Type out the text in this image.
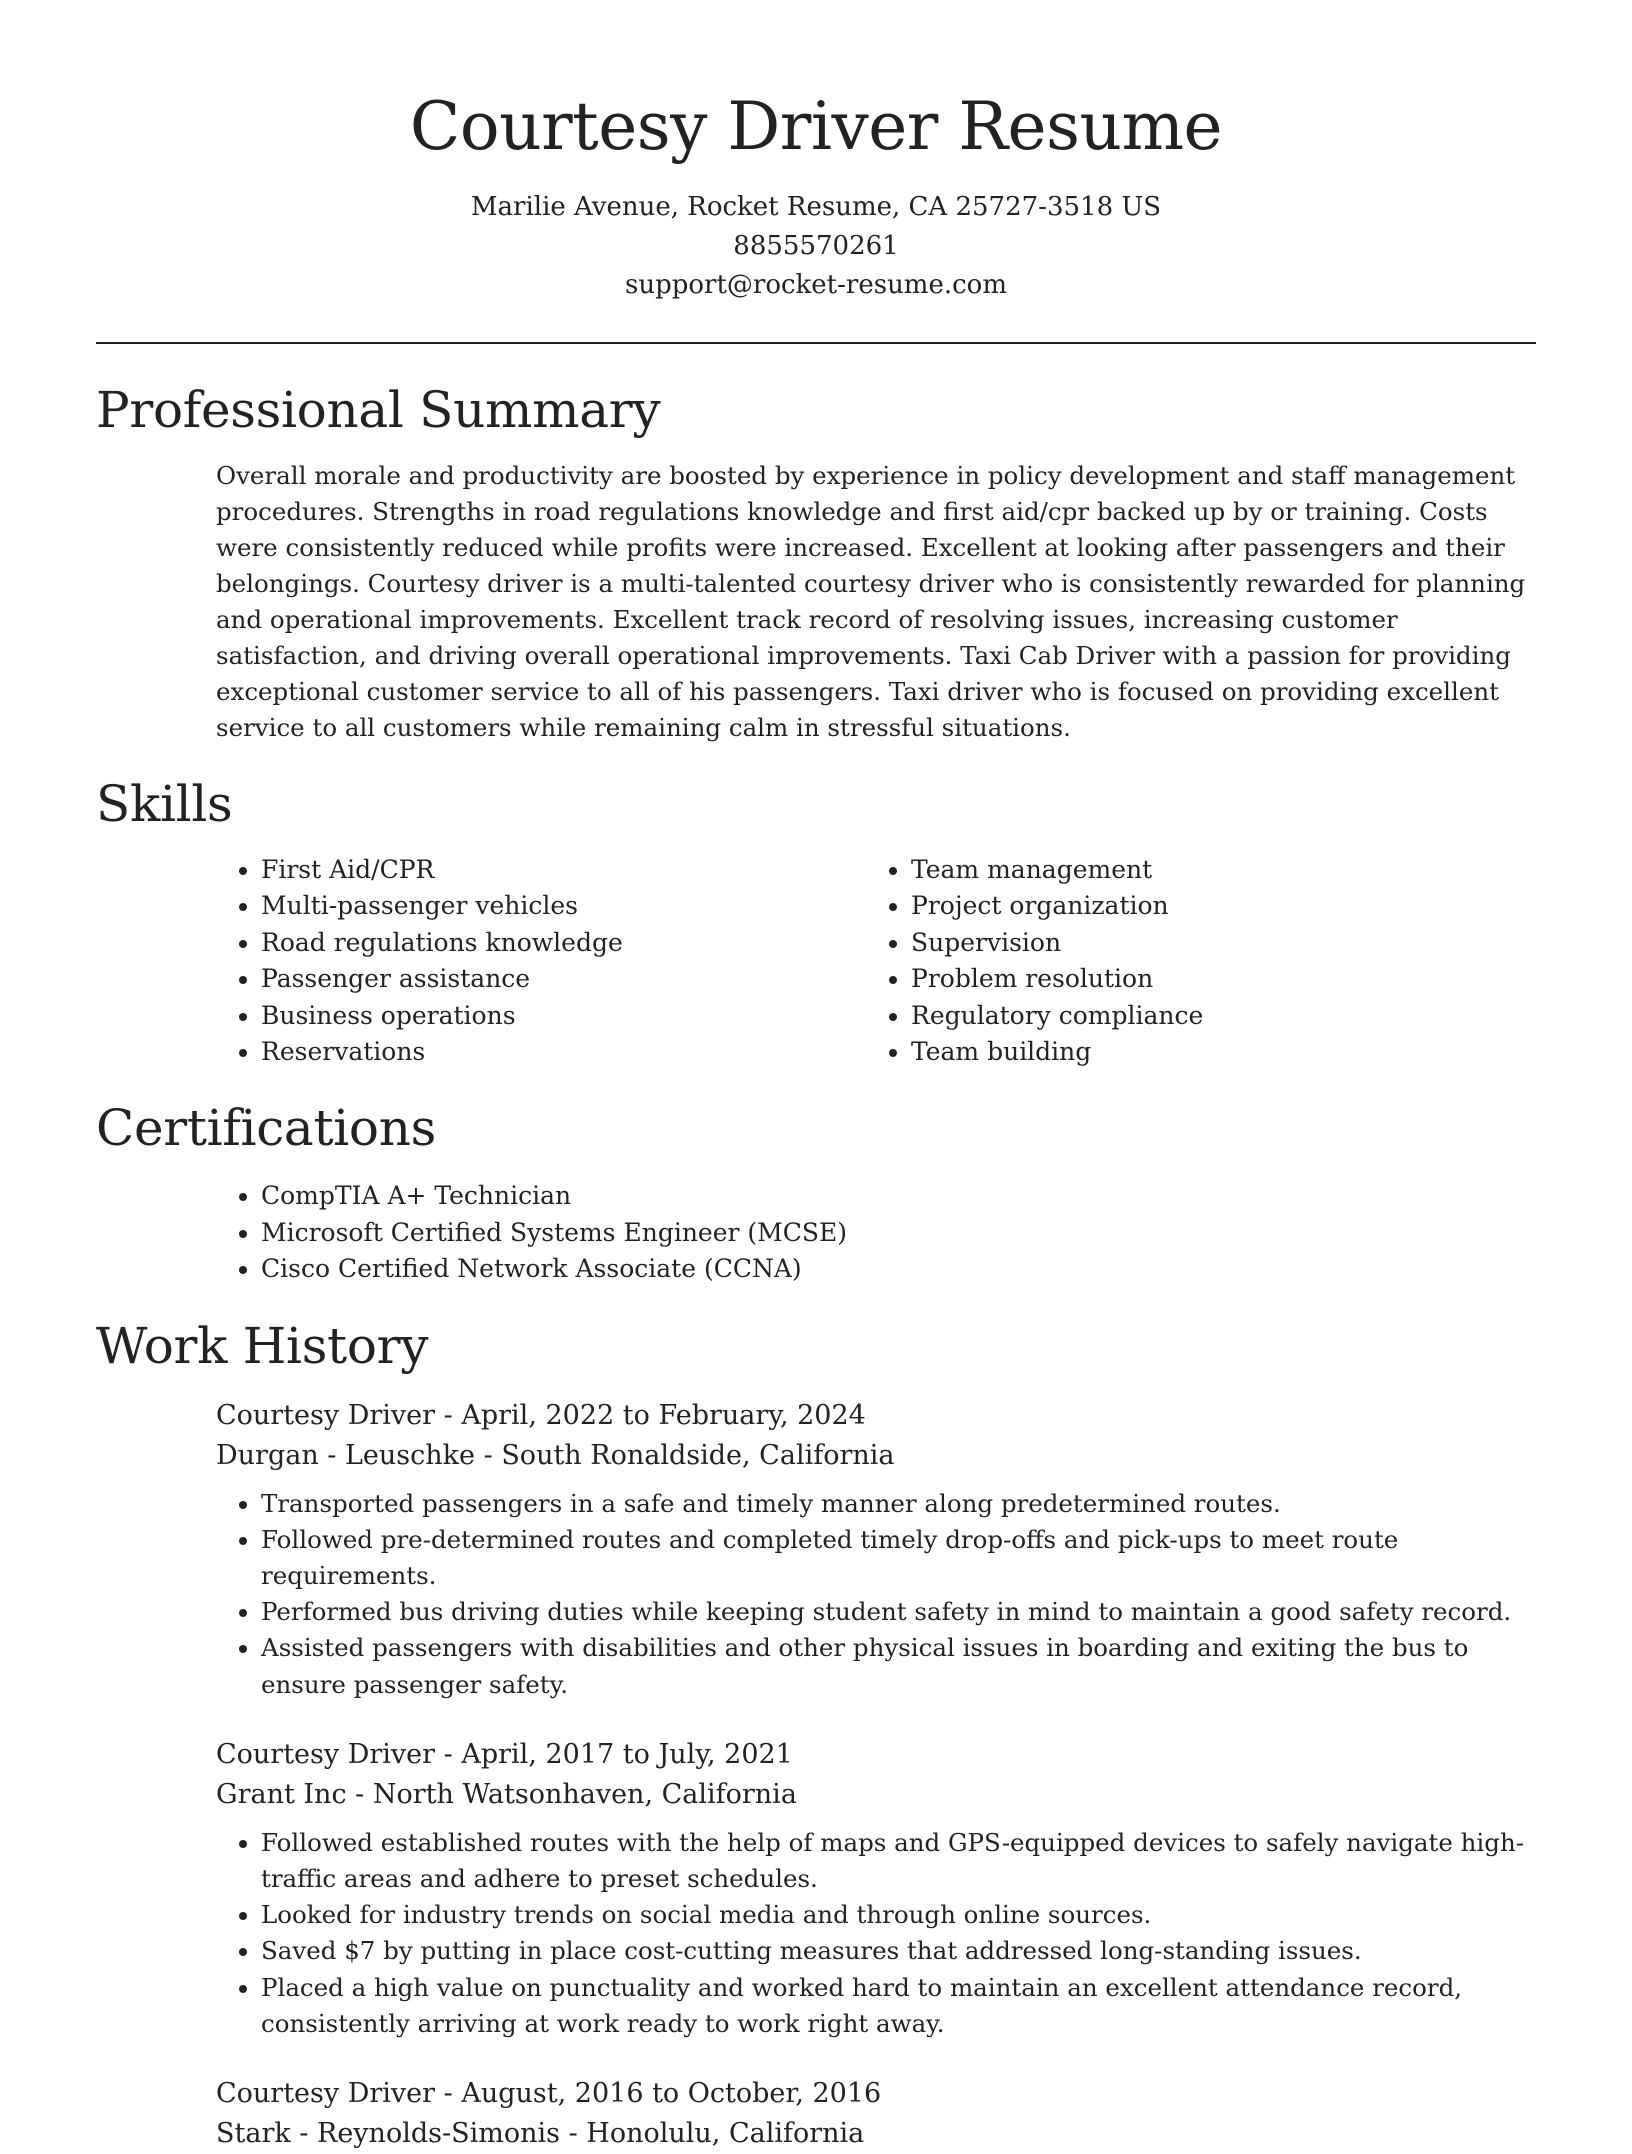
Courtesy Driver Resume

Marilie Avenue, Rocket Resume, CA 25727-3518 US

8855570261

support@rocket-resume.com

Professional Summary

Overall morale and productivity are boosted by experience in policy development and staff management procedures. Strengths in road regulations knowledge and first aid/cpr backed up by or training. Costs were consistently reduced while profits were increased. Excellent at looking after passengers and their belongings. Courtesy driver is a multi-talented courtesy driver who is consistently rewarded for planning and operational improvements. Excellent track record of resolving issues, increasing customer satisfaction, and driving overall operational improvements. Taxi Cab Driver with a passion for providing exceptional customer service to all of his passengers. Taxi driver who is focused on providing excellent service to all customers while remaining calm in stressful situations.

Skills
• First Aid/CPR
• Multi-passenger vehicles
• Road regulations knowledge
• Passenger assistance
• Business operations
• Reservations
• Team management
• Project organization
• Supervision
• Problem resolution
• Regulatory compliance
• Team building
Certifications
• CompTIA A+ Technician
• Microsoft Certified Systems Engineer (MCSE)
• Cisco Certified Network Associate (CCNA)
Work History

Courtesy Driver - April, 2022 to February, 2024

Durgan - Leuschke - South Ronaldside, California

• Transported passengers in a safe and timely manner along predetermined routes.
• Followed pre-determined routes and completed timely drop-offs and pick-ups to meet route requirements.
• Performed bus driving duties while keeping student safety in mind to maintain a good safety record.
• Assisted passengers with disabilities and other physical issues in boarding and exiting the bus to ensure passenger safety.

Courtesy Driver - April, 2017 to July, 2021

Grant Inc - North Watsonhaven, California

• Followed established routes with the help of maps and GPS-equipped devices to safely navigate high-traffic areas and adhere to preset schedules.
• Looked for industry trends on social media and through online sources.
• Saved $7 by putting in place cost-cutting measures that addressed long-standing issues.
• Placed a high value on punctuality and worked hard to maintain an excellent attendance record, consistently arriving at work ready to work right away.

Courtesy Driver - August, 2016 to October, 2016

Stark - Reynolds-Simonis - Honolulu, California
